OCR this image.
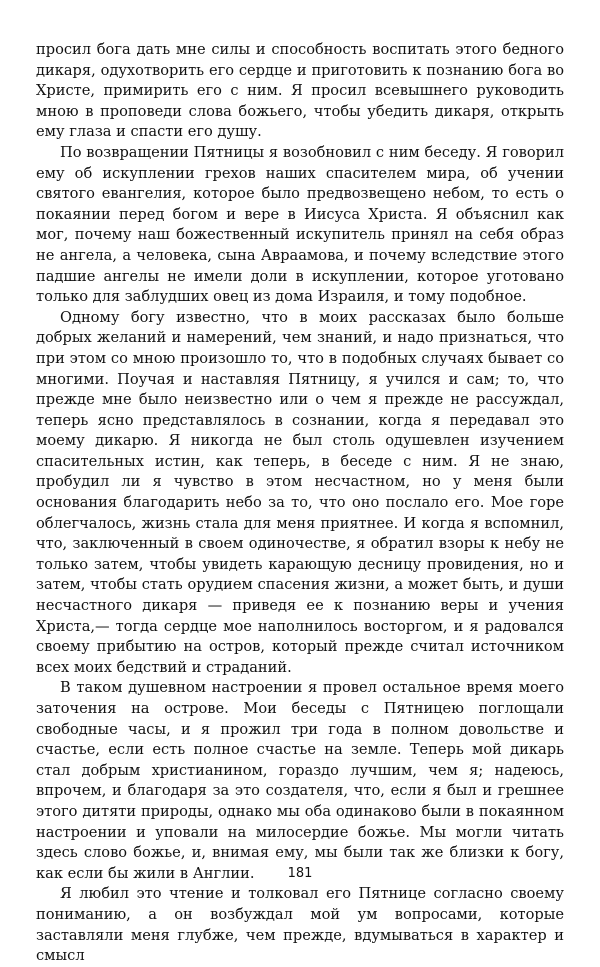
просил бога дать мне силы и способность воспитать этого бедного дикаря, одухотворить его сердце и приготовить к познанию бога во Христе, примирить его с ним. Я просил всевышнего руководить мною в проповеди слова божьего, чтобы убедить дикаря, открыть ему глаза и спасти его душу.

По возвращении Пятницы я возобновил с ним беседу. Я говорил ему об искуплении грехов наших спасителем мира, об учении святого евангелия, которое было предвозвещено небом, то есть о покаянии перед богом и вере в Иисуса Христа. Я объяснил как мог, почему наш божественный искупитель принял на себя образ не ангела, а человека, сына Авраамова, и почему вследствие этого падшие ангелы не имели доли в искуплении, которое уготовано только для заблудших овец из дома Израиля, и тому подобное.

Одному богу известно, что в моих рассказах было больше добрых желаний и намерений, чем знаний, и надо признаться, что при этом со мною произошло то, что в подобных случаях бывает со многими. Поучая и наставляя Пятницу, я учился и сам; то, что прежде мне было неизвестно или о чем я прежде не рассуждал, теперь ясно представлялось в сознании, когда я передавал это моему дикарю. Я никогда не был столь одушевлен изучением спасительных истин, как теперь, в беседе с ним. Я не знаю, пробудил ли я чувство в этом несчастном, но у меня были основания благодарить небо за то, что оно послало его. Мое горе облегчалось, жизнь стала для меня приятнее. И когда я вспомнил, что, заключенный в своем одиночестве, я обратил взоры к небу не только затем, чтобы увидеть карающую десницу провидения, но и затем, чтобы стать орудием спасения жизни, а может быть, и души несчастного дикаря — приведя ее к познанию веры и учения Христа,— тогда сердце мое наполнилось восторгом, и я радовался своему прибытию на остров, который прежде считал источником всех моих бедствий и страданий.

В таком душевном настроении я провел остальное время моего заточения на острове. Мои беседы с Пятницею поглощали свободные часы, и я прожил три года в полном довольстве и счастье, если есть полное счастье на земле. Теперь мой дикарь стал добрым христианином, гораздо лучшим, чем я; надеюсь, впрочем, и благодаря за это создателя, что, если я был и грешнее этого дитяти природы, однако мы оба одинаково были в покаянном настроении и уповали на милосердие божье. Мы могли читать здесь слово божье, и, внимая ему, мы были так же близки к богу, как если бы жили в Англии.

Я любил это чтение и толковал его Пятнице согласно своему пониманию, а он возбуждал мой ум вопросами, которые заставляли меня глубже, чем прежде, вдумываться в характер и смысл

181
